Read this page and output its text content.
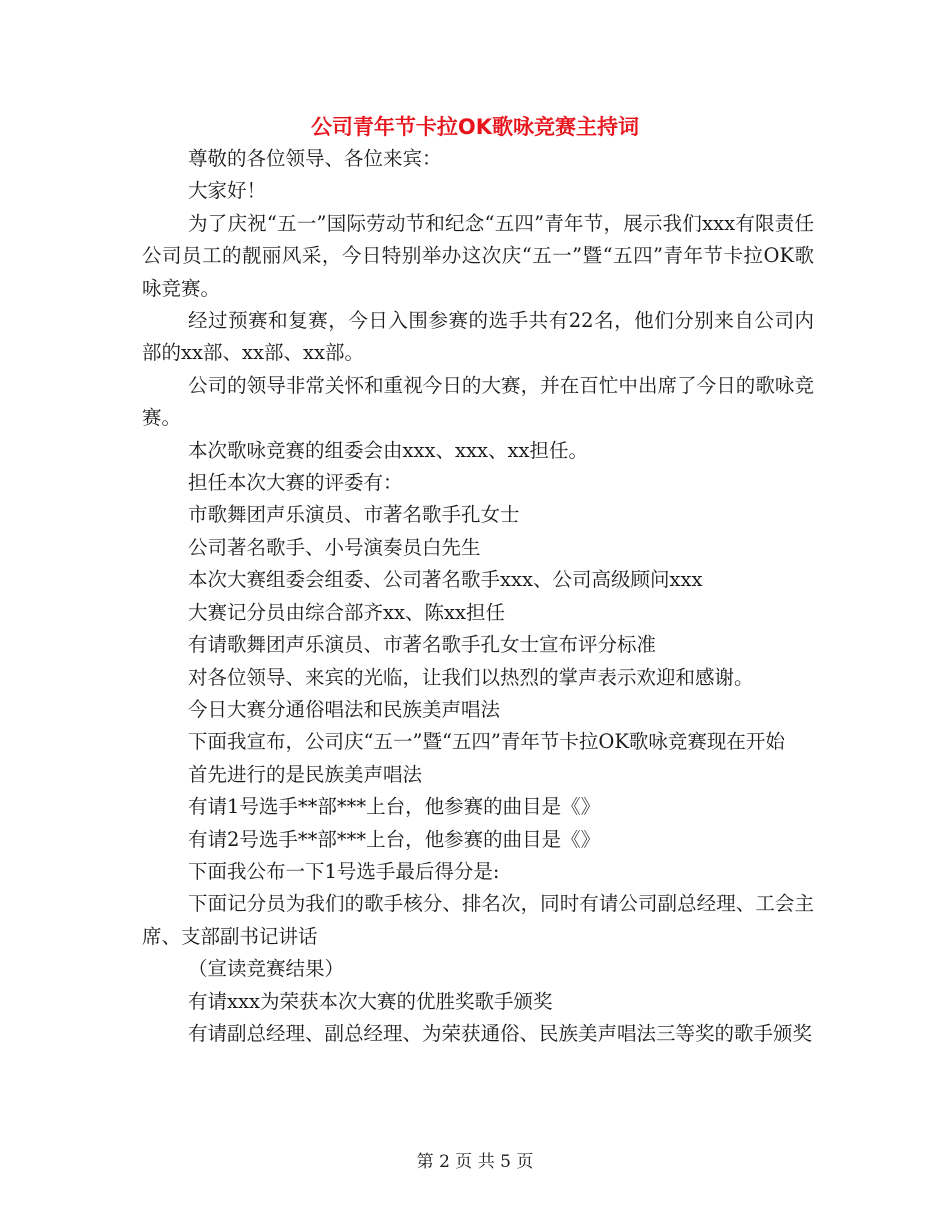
公司青年节卡拉OK歌咏竞赛主持词

尊敬的各位领导、各位来宾：

大家好！

为了庆祝“五一”国际劳动节和纪念“五四”青年节，展示我们xxx有限责任公司员工的靓丽风采，今日特别举办这次庆“五一”暨“五四”青年节卡拉OK歌咏竞赛。

经过预赛和复赛，今日入围参赛的选手共有22名，他们分别来自公司内部的xx部、xx部、xx部。

公司的领导非常关怀和重视今日的大赛，并在百忙中出席了今日的歌咏竞赛。

本次歌咏竞赛的组委会由xxx、xxx、xx担任。

担任本次大赛的评委有：

市歌舞团声乐演员、市著名歌手孔女士

公司著名歌手、小号演奏员白先生

本次大赛组委会组委、公司著名歌手xxx、公司高级顾问xxx

大赛记分员由综合部齐xx、陈xx担任

有请歌舞团声乐演员、市著名歌手孔女士宣布评分标准

对各位领导、来宾的光临，让我们以热烈的掌声表示欢迎和感谢。

今日大赛分通俗唱法和民族美声唱法

下面我宣布，公司庆“五一”暨“五四”青年节卡拉OK歌咏竞赛现在开始

首先进行的是民族美声唱法

有请1号选手**部***上台，他参赛的曲目是《》

有请2号选手**部***上台，他参赛的曲目是《》

下面我公布一下1号选手最后得分是:

下面记分员为我们的歌手核分、排名次，同时有请公司副总经理、工会主席、支部副书记讲话

（宣读竞赛结果）

有请xxx为荣获本次大赛的优胜奖歌手颁奖

有请副总经理、副总经理、为荣获通俗、民族美声唱法三等奖的歌手颁奖

第 2 页 共 5 页
